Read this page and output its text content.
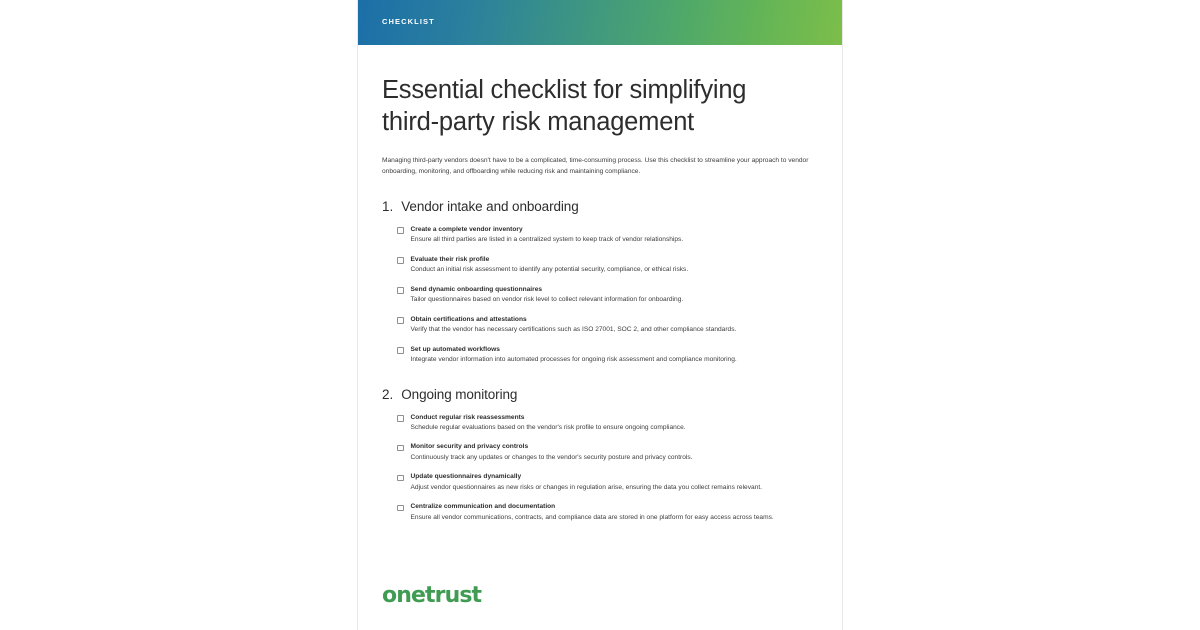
CHECKLIST
Essential checklist for simplifying third-party risk management

Managing third-party vendors doesn't have to be a complicated, time-consuming process. Use this checklist to streamline your approach to vendor onboarding, monitoring, and offboarding while reducing risk and maintaining compliance.

1. Vendor intake and onboarding
Create a complete vendor inventory
Ensure all third parties are listed in a centralized system to keep track of vendor relationships.
Evaluate their risk profile
Conduct an initial risk assessment to identify any potential security, compliance, or ethical risks.
Send dynamic onboarding questionnaires
Tailor questionnaires based on vendor risk level to collect relevant information for onboarding.
Obtain certifications and attestations
Verify that the vendor has necessary certifications such as ISO 27001, SOC 2, and other compliance standards.
Set up automated workflows
Integrate vendor information into automated processes for ongoing risk assessment and compliance monitoring.
2. Ongoing monitoring
Conduct regular risk reassessments
Schedule regular evaluations based on the vendor's risk profile to ensure ongoing compliance.
Monitor security and privacy controls
Continuously track any updates or changes to the vendor's security posture and privacy controls.
Update questionnaires dynamically
Adjust vendor questionnaires as new risks or changes in regulation arise, ensuring the data you collect remains relevant.
Centralize communication and documentation
Ensure all vendor communications, contracts, and compliance data are stored in one platform for easy access across teams.
onetrust
